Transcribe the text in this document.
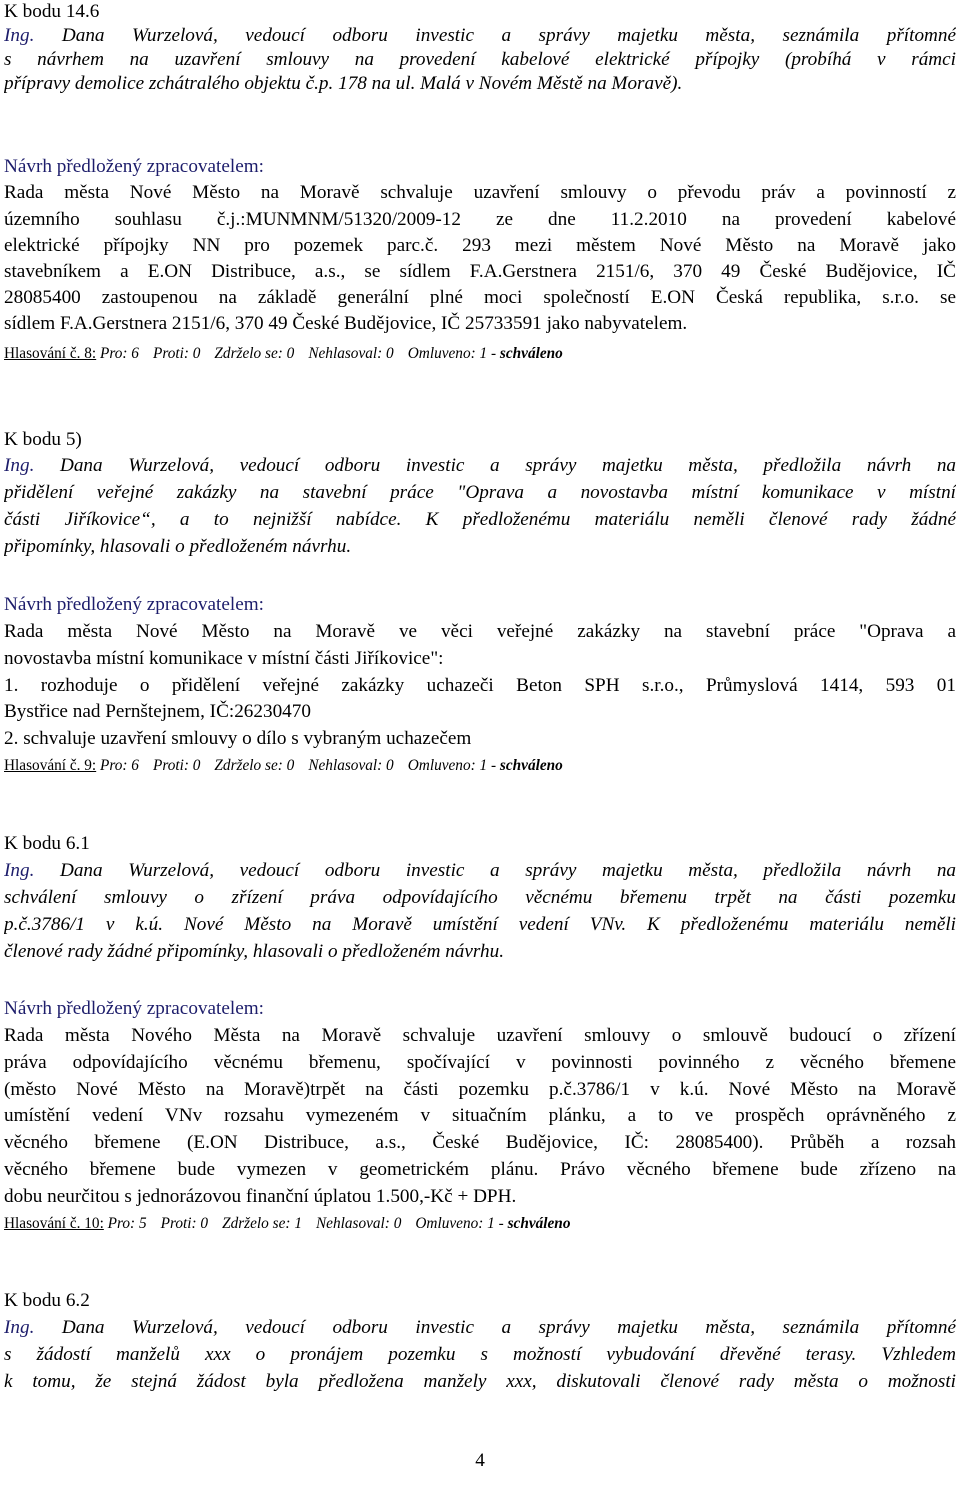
K bodu 14.6
Ing. Dana Wurzelová, vedoucí odboru investic a správy majetku města, seznámila přítomné
s návrhem na uzavření smlouvy na provedení kabelové elektrické přípojky (probíhá v rámci
přípravy demolice zchátralého objektu č.p. 178 na ul. Malá v Novém Městě na Moravě).
Návrh předložený zpracovatelem:
Rada města Nové Město na Moravě schvaluje uzavření smlouvy o převodu práv a povinností z
územního souhlasu č.j.:MUNMNM/51320/2009-12 ze dne 11.2.2010 na provedení kabelové
elektrické přípojky NN pro pozemek parc.č. 293 mezi městem Nové Město na Moravě jako
stavebníkem a E.ON Distribuce, a.s., se sídlem F.A.Gerstnera 2151/6, 370 49 České Budějovice, IČ
28085400 zastoupenou na základě generální plné moci společností E.ON Česká republika, s.r.o. se
sídlem F.A.Gerstnera 2151/6, 370 49 České Budějovice, IČ 25733591 jako nabyvatelem.
Hlasování č. 8: Pro: 6 Proti: 0 Zdrželo se: 0 Nehlasoval: 0 Omluveno: 1 - schváleno
K bodu 5)
Ing. Dana Wurzelová, vedoucí odboru investic a správy majetku města, předložila návrh na
přidělení veřejné zakázky na stavební práce "Oprava a novostavba místní komunikace v místní
části Jiříkovice“, a to nejnižší nabídce. K předloženému materiálu neměli členové rady žádné
připomínky, hlasovali o předloženém návrhu.
Návrh předložený zpracovatelem:
Rada města Nové Město na Moravě ve věci veřejné zakázky na stavební práce "Oprava a
novostavba místní komunikace v místní části Jiříkovice":
1. rozhoduje o přidělení veřejné zakázky uchazeči Beton SPH s.r.o., Průmyslová 1414, 593 01
Bystřice nad Pernštejnem, IČ:26230470
2. schvaluje uzavření smlouvy o dílo s vybraným uchazečem
Hlasování č. 9: Pro: 6 Proti: 0 Zdrželo se: 0 Nehlasoval: 0 Omluveno: 1 - schváleno
K bodu 6.1
Ing. Dana Wurzelová, vedoucí odboru investic a správy majetku města, předložila návrh na
schválení smlouvy o zřízení práva odpovídajícího věcnému břemenu trpět na části pozemku
p.č.3786/1 v k.ú. Nové Město na Moravě umístění vedení VNv. K předloženému materiálu neměli
členové rady žádné připomínky, hlasovali o předloženém návrhu.
Návrh předložený zpracovatelem:
Rada města Nového Města na Moravě schvaluje uzavření smlouvy o smlouvě budoucí o zřízení
práva odpovídajícího věcnému břemenu, spočívající v povinnosti povinného z věcného břemene
(město Nové Město na Moravě)trpět na části pozemku p.č.3786/1 v k.ú. Nové Město na Moravě
umístění vedení VNv rozsahu vymezeném v situačním plánku, a to ve prospěch oprávněného z
věcného břemene (E.ON Distribuce, a.s., České Budějovice, IČ: 28085400). Průběh a rozsah
věcného břemene bude vymezen v geometrickém plánu. Právo věcného břemene bude zřízeno na
dobu neurčitou s jednorázovou finanční úplatou 1.500,-Kč + DPH.
Hlasování č. 10: Pro: 5 Proti: 0 Zdrželo se: 1 Nehlasoval: 0 Omluveno: 1 - schváleno
K bodu 6.2
Ing. Dana Wurzelová, vedoucí odboru investic a správy majetku města, seznámila přítomné
s žádostí manželů xxx o pronájem pozemku s možností vybudování dřevěné terasy. Vzhledem
k tomu, že stejná žádost byla předložena manžely xxx, diskutovali členové rady města o možnosti
4
